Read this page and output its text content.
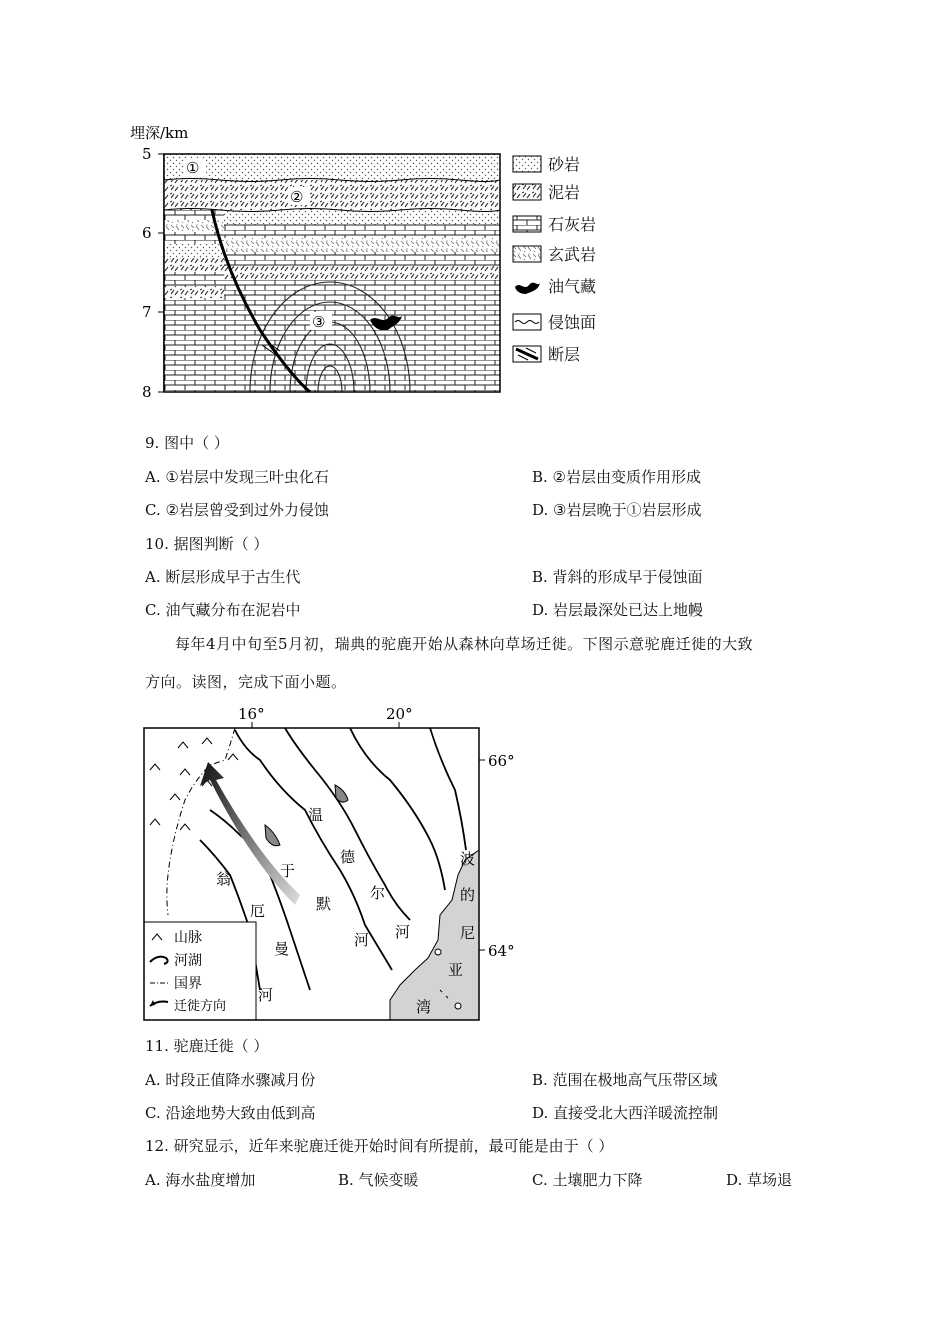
埋深/km
5
6
7
8
①
②
③
砂岩
泥岩
石灰岩
玄武岩
油气藏
侵蚀面
断层
9. 图中（ ）
A. ①岩层中发现三叶虫化石	B. ②岩层由变质作用形成
C. ②岩层曾受到过外力侵蚀	D. ③岩层晚于①岩层形成
10. 据图判断（ ）
A. 断层形成早于古生代	B. 背斜的形成早于侵蚀面
C. 油气藏分布在泥岩中	D. 岩层最深处已达上地幔
每年4月中旬至5月初，瑞典的驼鹿开始从森林向草场迁徙。下图示意驼鹿迁徙的大致
方向。读图，完成下面小题。
16°	20°
66°
64°
温
德
尔
河
于
默
河
翁
厄
曼
河
波
的
尼
亚
湾
山脉
河湖
国界
迁徙方向
11. 驼鹿迁徙（ ）
A. 时段正值降水骤减月份	B. 范围在极地高气压带区域
C. 沿途地势大致由低到高	D. 直接受北大西洋暖流控制
12. 研究显示，近年来驼鹿迁徙开始时间有所提前，最可能是由于（ ）
A. 海水盐度增加	B. 气候变暖	C. 土壤肥力下降	D. 草场退
